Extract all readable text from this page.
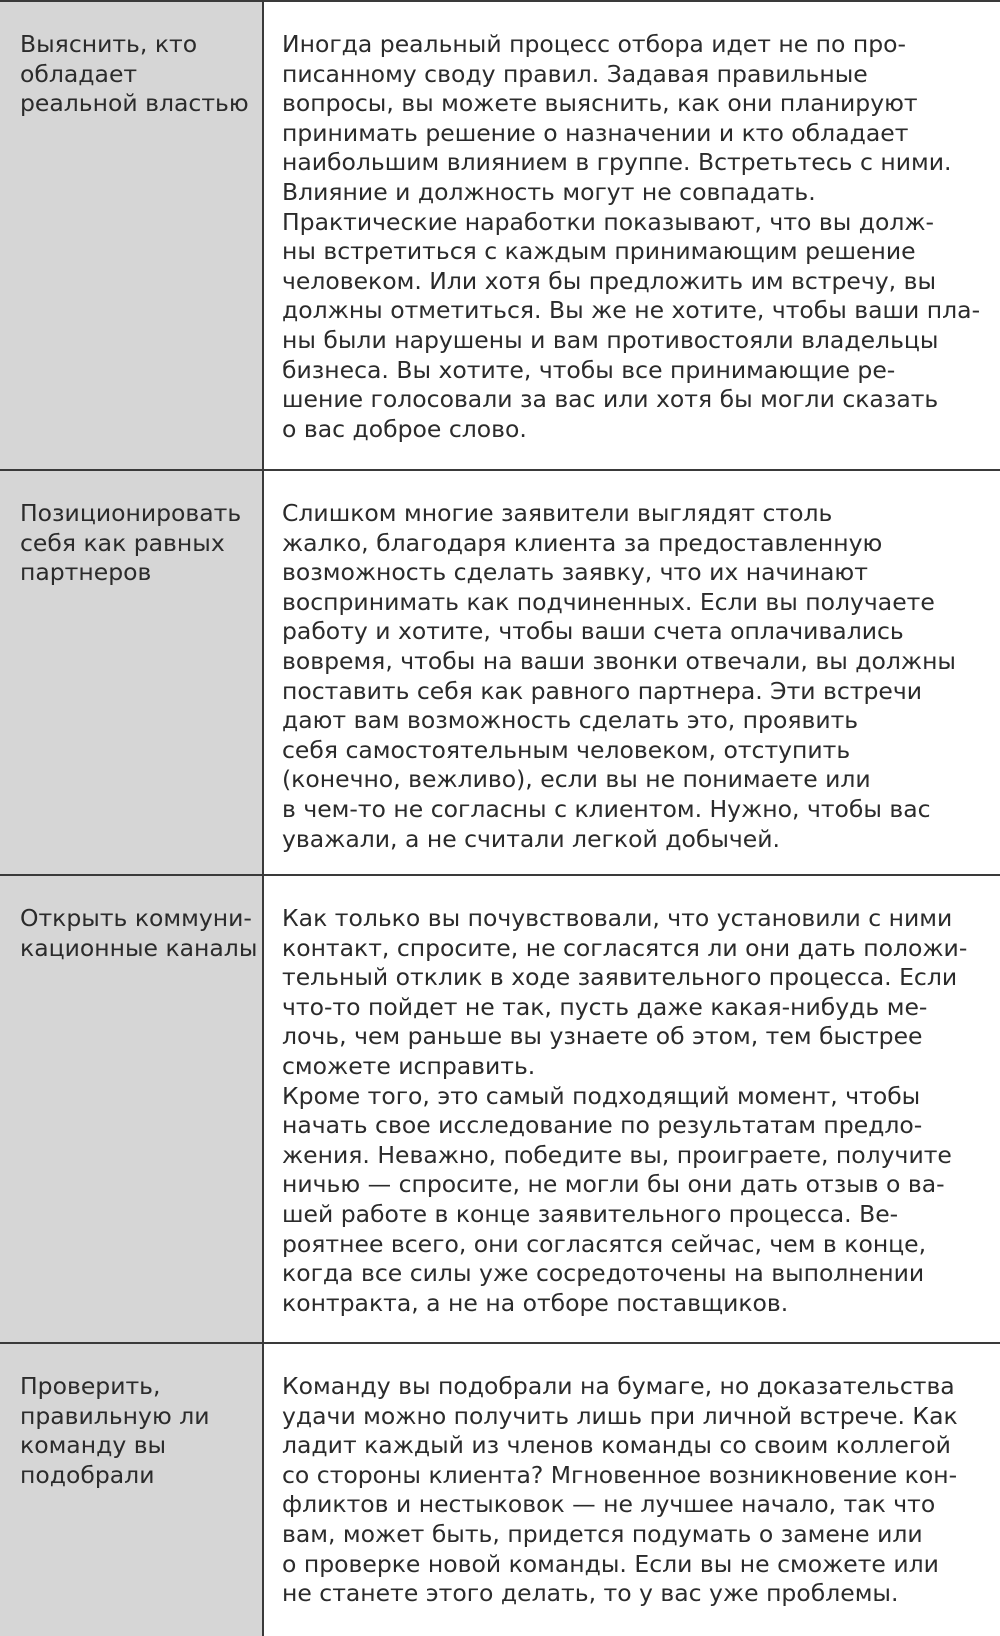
Выяснить, кто
обладает
реальной властью

Иногда реальный процесс отбора идет не по про-
писанному своду правил. Задавая правильные
вопросы, вы можете выяснить, как они планируют
принимать решение о назначении и кто обладает
наибольшим влиянием в группе. Встретьтесь с ними.
Влияние и должность могут не совпадать.
Практические наработки показывают, что вы долж-
ны встретиться с каждым принимающим решение
человеком. Или хотя бы предложить им встречу, вы
должны отметиться. Вы же не хотите, чтобы ваши пла-
ны были нарушены и вам противостояли владельцы
бизнеса. Вы хотите, чтобы все принимающие ре-
шение голосовали за вас или хотя бы могли сказать
о вас доброе слово.

Позиционировать
себя как равных
партнеров

Слишком многие заявители выглядят столь
жалко, благодаря клиента за предоставленную
возможность сделать заявку, что их начинают
воспринимать как подчиненных. Если вы получаете
работу и хотите, чтобы ваши счета оплачивались
вовремя, чтобы на ваши звонки отвечали, вы должны
поставить себя как равного партнера. Эти встречи
дают вам возможность сделать это, проявить
себя самостоятельным человеком, отступить
(конечно, вежливо), если вы не понимаете или
в чем-то не согласны с клиентом. Нужно, чтобы вас
уважали, а не считали легкой добычей.

Открыть коммуни-
кационные каналы

Как только вы почувствовали, что установили с ними
контакт, спросите, не согласятся ли они дать положи-
тельный отклик в ходе заявительного процесса. Если
что-то пойдет не так, пусть даже какая-нибудь ме-
лочь, чем раньше вы узнаете об этом, тем быстрее
сможете исправить.
Кроме того, это самый подходящий момент, чтобы
начать свое исследование по результатам предло-
жения. Неважно, победите вы, проиграете, получите
ничью — спросите, не могли бы они дать отзыв о ва-
шей работе в конце заявительного процесса. Ве-
роятнее всего, они согласятся сейчас, чем в конце,
когда все силы уже сосредоточены на выполнении
контракта, а не на отборе поставщиков.

Проверить,
правильную ли
команду вы
подобрали

Команду вы подобрали на бумаге, но доказательства
удачи можно получить лишь при личной встрече. Как
ладит каждый из членов команды со своим коллегой
со стороны клиента? Мгновенное возникновение кон-
фликтов и нестыковок — не лучшее начало, так что
вам, может быть, придется подумать о замене или
о проверке новой команды. Если вы не сможете или
не станете этого делать, то у вас уже проблемы.
